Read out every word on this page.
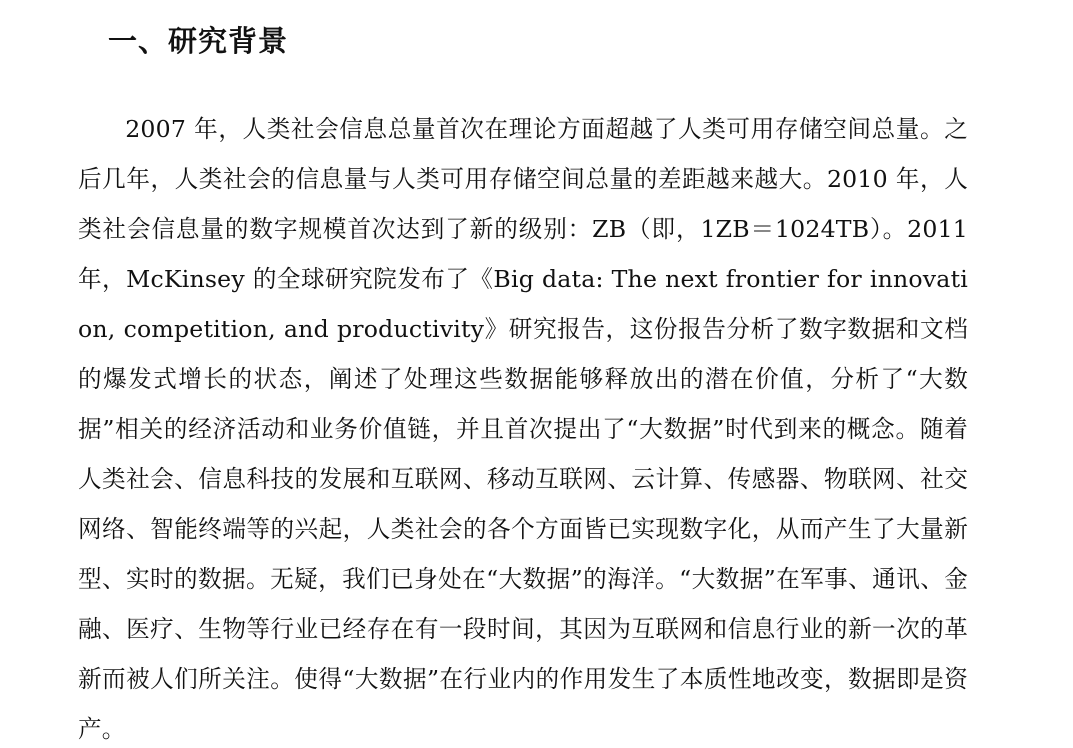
一、研究背景

2007 年，人类社会信息总量首次在理论方面超越了人类可用存储空间总量。之后几年，人类社会的信息量与人类可用存储空间总量的差距越来越大。2010 年，人类社会信息量的数字规模首次达到了新的级别：ZB（即，1ZB＝1024TB）。2011 年，McKinsey 的全球研究院发布了《Big data: The next frontier for innovation, competition, and productivity》研究报告，这份报告分析了数字数据和文档的爆发式增长的状态，阐述了处理这些数据能够释放出的潜在价值，分析了“大数据”相关的经济活动和业务价值链，并且首次提出了“大数据”时代到来的概念。随着人类社会、信息科技的发展和互联网、移动互联网、云计算、传感器、物联网、社交网络、智能终端等的兴起，人类社会的各个方面皆已实现数字化，从而产生了大量新型、实时的数据。无疑，我们已身处在“大数据”的海洋。“大数据”在军事、通讯、金融、医疗、生物等行业已经存在有一段时间，其因为互联网和信息行业的新一次的革新而被人们所关注。使得“大数据”在行业内的作用发生了本质性地改变，数据即是资产。
